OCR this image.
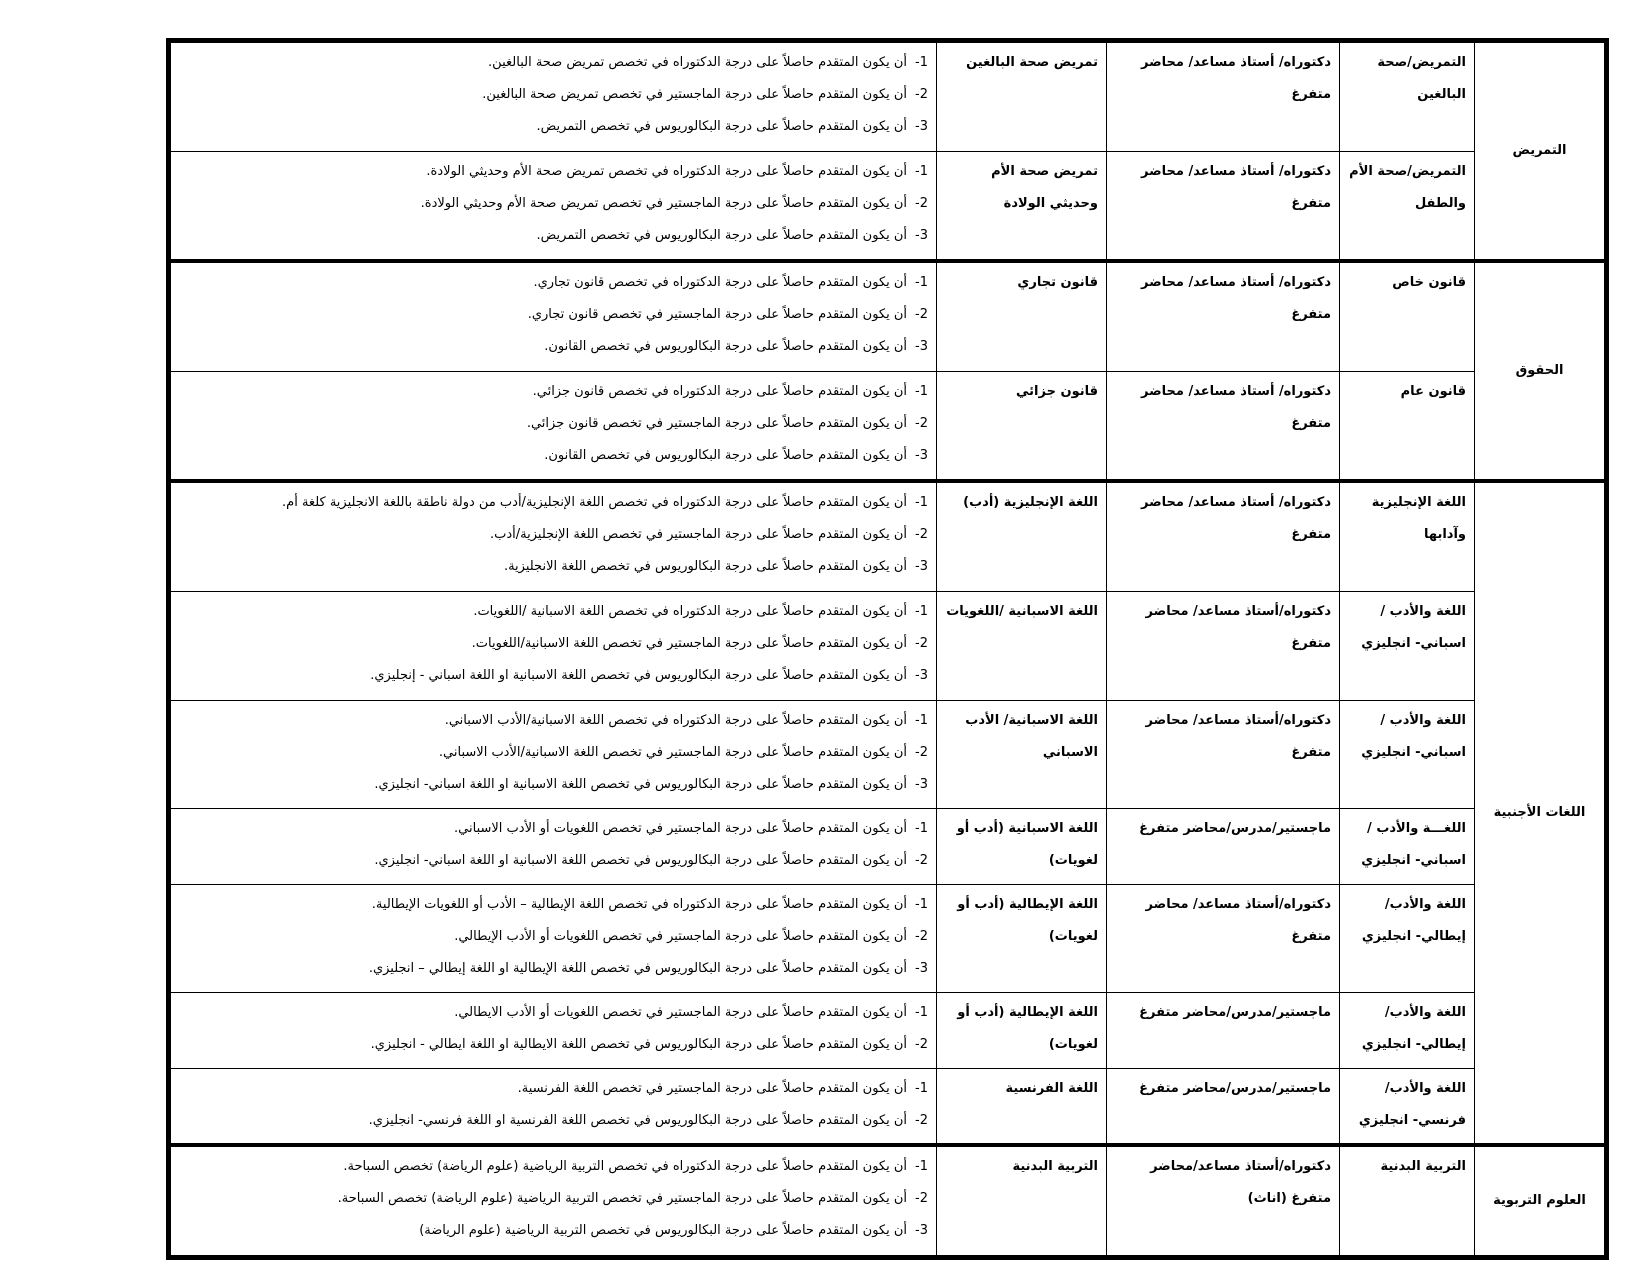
التمريض	التمريض/صحة البالغين	دكتوراه/ أستاذ مساعد/ محاضر متفرغ	تمريض صحة البالغين	-1أن يكون المتقدم حاصلاً على درجة الدكتوراه في تخصص تمريض صحة البالغين.
-2أن يكون المتقدم حاصلاً على درجة الماجستير في تخصص تمريض صحة البالغين.
-3أن يكون المتقدم حاصلاً على درجة البكالوريوس في تخصص التمريض.

	التمريض/صحة الأم والطفل	دكتوراه/ أستاذ مساعد/ محاضر متفرغ	تمريض صحة الأم وحديثي الولادة	-1أن يكون المتقدم حاصلاً على درجة الدكتوراه في تخصص تمريض صحة الأم وحديثي الولادة.
-2أن يكون المتقدم حاصلاً على درجة الماجستير في تخصص تمريض صحة الأم وحديثي الولادة.
-3أن يكون المتقدم حاصلاً على درجة البكالوريوس في تخصص التمريض.

الحقوق	قانون خاص	دكتوراه/ أستاذ مساعد/ محاضر متفرغ	قانون تجاري	-1أن يكون المتقدم حاصلاً على درجة الدكتوراه في تخصص قانون تجاري.
-2أن يكون المتقدم حاصلاً على درجة الماجستير في تخصص قانون تجاري.
-3أن يكون المتقدم حاصلاً على درجة البكالوريوس في تخصص القانون.

	قانون عام	دكتوراه/ أستاذ مساعد/ محاضر متفرغ	قانون جزائي	-1أن يكون المتقدم حاصلاً على درجة الدكتوراه في تخصص قانون جزائي.
-2أن يكون المتقدم حاصلاً على درجة الماجستير في تخصص قانون جزائي.
-3أن يكون المتقدم حاصلاً على درجة البكالوريوس في تخصص القانون.

اللغات الأجنبية	اللغة الإنجليزية وآدابها	دكتوراه/ أستاذ مساعد/ محاضر متفرغ	اللغة الإنجليزية (أدب)	-1أن يكون المتقدم حاصلاً على درجة الدكتوراه في تخصص اللغة الإنجليزية/أدب من دولة ناطقة باللغة الانجليزية كلغة أم.
-2أن يكون المتقدم حاصلاً على درجة الماجستير في تخصص اللغة الإنجليزية/أدب.
-3أن يكون المتقدم حاصلاً على درجة البكالوريوس في تخصص اللغة الانجليزية.

	اللغة والأدب / اسباني- انجليزي	دكتوراه/أستاذ مساعد/ محاضر متفرغ	اللغة الاسبانية /اللغويات	-1أن يكون المتقدم حاصلاً على درجة الدكتوراه في تخصص اللغة الاسبانية /اللغويات.
-2أن يكون المتقدم حاصلاً على درجة الماجستير في تخصص اللغة الاسبانية/اللغويات.
-3أن يكون المتقدم حاصلاً على درجة البكالوريوس في تخصص اللغة الاسبانية او اللغة اسباني - إنجليزي.

	اللغة والأدب / اسباني- انجليزي	دكتوراه/أستاذ مساعد/ محاضر متفرغ	اللغة الاسبانية/ الأدب الاسباني	-1أن يكون المتقدم حاصلاً على درجة الدكتوراه في تخصص اللغة الاسبانية/الأدب الاسباني.
-2أن يكون المتقدم حاصلاً على درجة الماجستير في تخصص اللغة الاسبانية/الأدب الاسباني.
-3أن يكون المتقدم حاصلاً على درجة البكالوريوس في تخصص اللغة الاسبانية او اللغة اسباني- انجليزي.

	اللغـــة والأدب / اسباني- انجليزي	ماجستير/مدرس/محاضر متفرغ	اللغة الاسبانية (أدب أو لغويات)	-1أن يكون المتقدم حاصلاً على درجة الماجستير في تخصص اللغويات أو الأدب الاسباني.
-2أن يكون المتقدم حاصلاً على درجة البكالوريوس في تخصص اللغة الاسبانية او اللغة اسباني- انجليزي.

	اللغة والأدب/إيطالي- انجليزي	دكتوراه/أستاذ مساعد/ محاضر متفرغ	اللغة الإيطالية (أدب أو لغويات)	-1أن يكون المتقدم حاصلاً على درجة الدكتوراه في تخصص اللغة الإيطالية – الأدب أو اللغويات الإيطالية.
-2أن يكون المتقدم حاصلاً على درجة الماجستير في تخصص اللغويات أو الأدب الإيطالي.
-3أن يكون المتقدم حاصلاً على درجة البكالوريوس في تخصص اللغة الإيطالية او اللغة إيطالي – انجليزي.

	اللغة والأدب/إيطالي- انجليزي	ماجستير/مدرس/محاضر متفرغ	اللغة الإيطالية (أدب أو لغويات)	-1أن يكون المتقدم حاصلاً على درجة الماجستير في تخصص اللغويات أو الأدب الايطالي.
-2أن يكون المتقدم حاصلاً على درجة البكالوريوس في تخصص اللغة الايطالية او اللغة ايطالي - انجليزي.

	اللغة والأدب/فرنسي- انجليزي	ماجستير/مدرس/محاضر متفرغ	اللغة الفرنسية	-1أن يكون المتقدم حاصلاً على درجة الماجستير في تخصص اللغة الفرنسية.
-2أن يكون المتقدم حاصلاً على درجة البكالوريوس في تخصص اللغة الفرنسية او اللغة فرنسي- انجليزي.

العلوم التربوية	التربية البدنية	دكتوراه/أستاذ مساعد/محاضر متفرغ (اناث)	التربية البدنية	-1أن يكون المتقدم حاصلاً على درجة الدكتوراه في تخصص التربية الرياضية (علوم الرياضة) تخصص السباحة.
-2أن يكون المتقدم حاصلاً على درجة الماجستير في تخصص التربية الرياضية (علوم الرياضة) تخصص السباحة.
-3أن يكون المتقدم حاصلاً على درجة البكالوريوس في تخصص التربية الرياضية (علوم الرياضة)
